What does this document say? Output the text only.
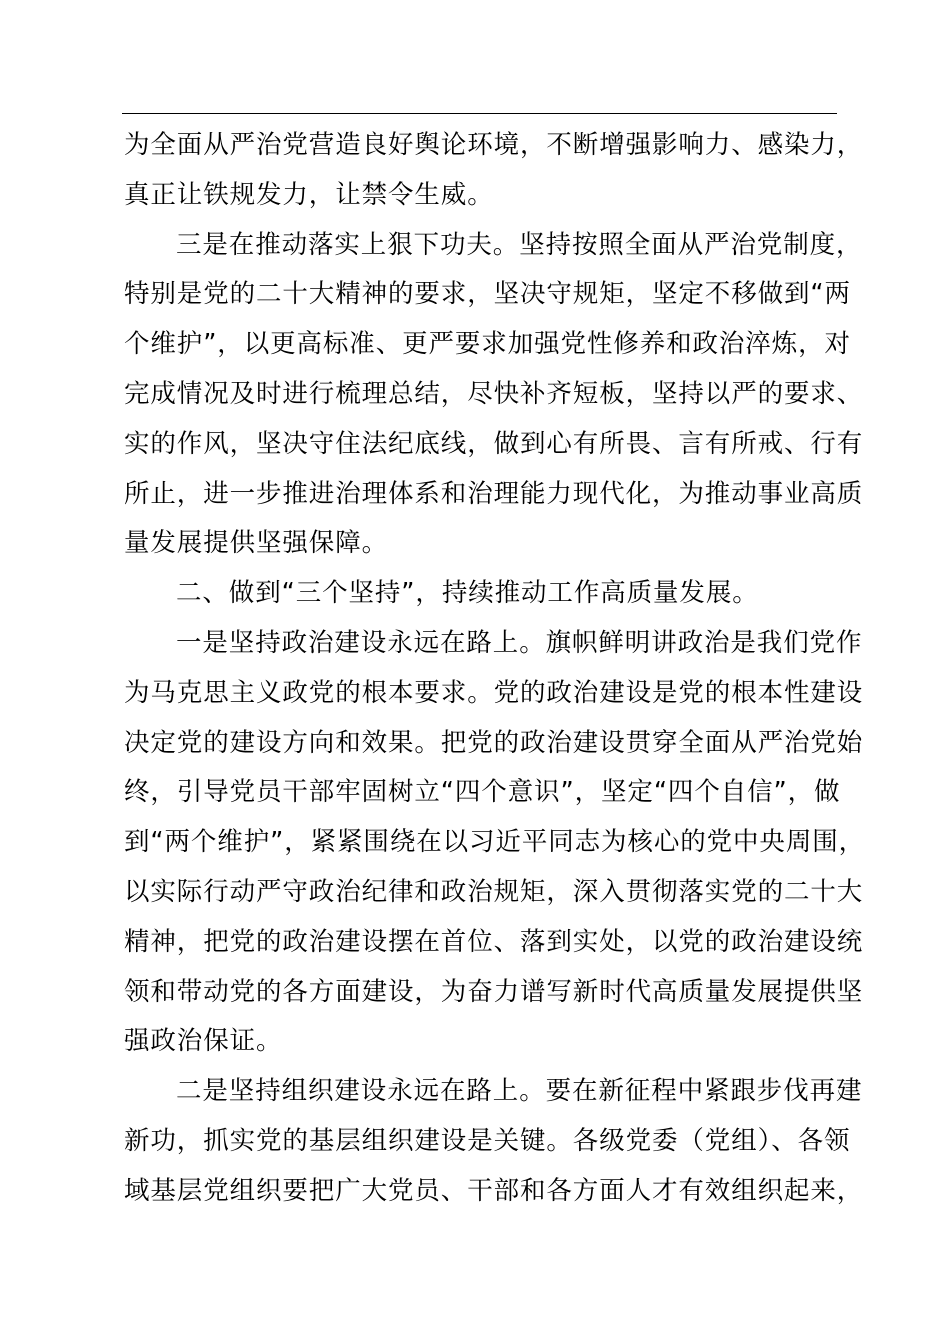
为全面从严治党营造良好舆论环境，不断增强影响力、感染力，
真正让铁规发力，让禁令生威。
三是在推动落实上狠下功夫。坚持按照全面从严治党制度，
特别是党的二十大精神的要求，坚决守规矩，坚定不移做到“两
个维护”，以更高标准、更严要求加强党性修养和政治淬炼，对
完成情况及时进行梳理总结，尽快补齐短板，坚持以严的要求、
实的作风，坚决守住法纪底线，做到心有所畏、言有所戒、行有
所止，进一步推进治理体系和治理能力现代化，为推动事业高质
量发展提供坚强保障。
二、做到“三个坚持”，持续推动工作高质量发展。
一是坚持政治建设永远在路上。旗帜鲜明讲政治是我们党作
为马克思主义政党的根本要求。党的政治建设是党的根本性建设
决定党的建设方向和效果。把党的政治建设贯穿全面从严治党始
终，引导党员干部牢固树立“四个意识”，坚定“四个自信”，做
到“两个维护”，紧紧围绕在以习近平同志为核心的党中央周围，
以实际行动严守政治纪律和政治规矩，深入贯彻落实党的二十大
精神，把党的政治建设摆在首位、落到实处，以党的政治建设统
领和带动党的各方面建设，为奋力谱写新时代高质量发展提供坚
强政治保证。
二是坚持组织建设永远在路上。要在新征程中紧跟步伐再建
新功，抓实党的基层组织建设是关键。各级党委（党组）、各领
域基层党组织要把广大党员、干部和各方面人才有效组织起来，
